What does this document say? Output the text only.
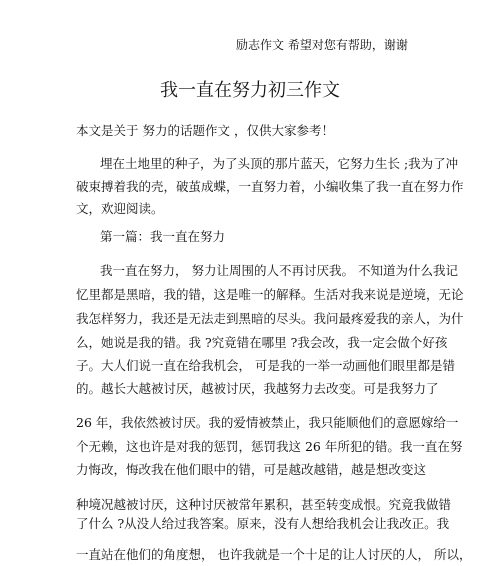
励志作文 希望对您有帮助，谢谢
我一直在努力初三作文
本文是关于 努力的话题作文 ，仅供大家参考！
埋在土地里的种子，为了头顶的那片蓝天，它努力生长 ;我为了冲
破束搏着我的壳，破茧成蝶，一直努力着，小编收集了我一直在努力作
文，欢迎阅读。
第一篇：我一直在努力
我一直在努力， 努力让周围的人不再讨厌我。 不知道为什么我记
忆里都是黑暗，我的错，这是唯一的解释。生活对我来说是逆境，无论
我怎样努力，我还是无法走到黑暗的尽头。我问最疼爱我的亲人，为什
么，她说是我的错。我 ?究竟错在哪里 ?我会改，我一定会做个好孩
子。大人们说一直在给我机会， 可是我的一举一动画他们眼里都是错
的。越长大越被讨厌，越被讨厌，我越努力去改变。可是我努力了
26 年，我依然被讨厌。我的爱情被禁止，我只能顺他们的意愿嫁给一
个无赖，这也许是对我的惩罚，惩罚我这 26 年所犯的错。我一直在努
力悔改，悔改我在他们眼中的错，可是越改越错，越是想改变这
种境况越被讨厌，这种讨厌被常年累积，甚至转变成恨。究竟我做错
了什么 ?从没人给过我答案。原来，没有人想给我机会让我改正。我
一直站在他们的角度想， 也许我就是一个十足的让人讨厌的人， 所以，
